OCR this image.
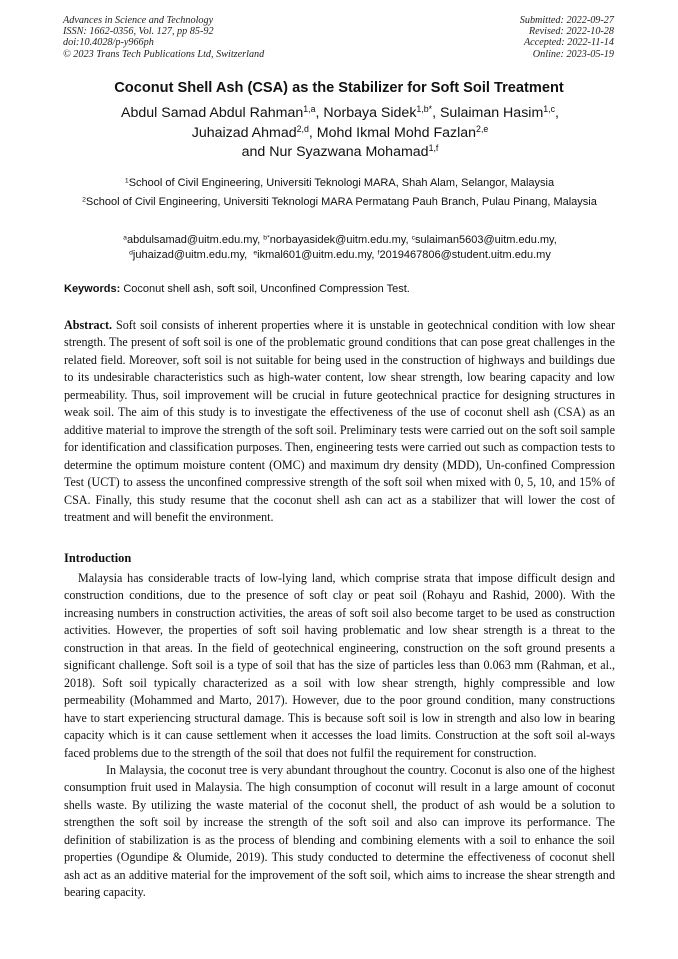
Advances in Science and Technology
ISSN: 1662-0356, Vol. 127, pp 85-92
doi:10.4028/p-y966ph
© 2023 Trans Tech Publications Ltd, Switzerland
Submitted: 2022-09-27
Revised: 2022-10-28
Accepted: 2022-11-14
Online: 2023-05-19
Coconut Shell Ash (CSA) as the Stabilizer for Soft Soil Treatment
Abdul Samad Abdul Rahman$^{1,a}$, Norbaya Sidek$^{1,b*}$, Sulaiman Hasim$^{1,c}$,
Juhaizad Ahmad$^{2,d}$, Mohd Ikmal Mohd Fazlan$^{2,e}$
and Nur Syazwana Mohamad$^{1,f}$
$^1$School of Civil Engineering, Universiti Teknologi MARA, Shah Alam, Selangor, Malaysia
$^2$School of Civil Engineering, Universiti Teknologi MARA Permatang Pauh Branch, Pulau Pinang, Malaysia
$^a$abdulsamad@uitm.edu.my, $^{b*}$norbayasidek@uitm.edu.my, $^c$sulaiman5603@uitm.edu.my,
$^d$juhaizad@uitm.edu.my,  $^e$ikmal601@uitm.edu.my, $^f$2019467806@student.uitm.edu.my
Keywords: Coconut shell ash, soft soil, Unconfined Compression Test.
Abstract. Soft soil consists of inherent properties where it is unstable in geotechnical condition with low shear strength. The present of soft soil is one of the problematic ground conditions that can pose great challenges in the related field. Moreover, soft soil is not suitable for being used in the construction of highways and buildings due to its undesirable characteristics such as high-water content, low shear strength, low bearing capacity and low permeability. Thus, soil improvement will be crucial in future geotechnical practice for designing structures in weak soil. The aim of this study is to investigate the effectiveness of the use of coconut shell ash (CSA) as an additive material to improve the strength of the soft soil. Preliminary tests were carried out on the soft soil sample for identification and classification purposes. Then, engineering tests were carried out such as compaction tests to determine the optimum moisture content (OMC) and maximum dry density (MDD), Un-confined Compression Test (UCT) to assess the unconfined compressive strength of the soft soil when mixed with 0, 5, 10, and 15% of CSA. Finally, this study resume that the coconut shell ash can act as a stabilizer that will lower the cost of treatment and will benefit the environment.
Introduction
Malaysia has considerable tracts of low-lying land, which comprise strata that impose difficult design and construction conditions, due to the presence of soft clay or peat soil (Rohayu and Rashid, 2000). With the increasing numbers in construction activities, the areas of soft soil also become target to be used as construction activities. However, the properties of soft soil having problematic and low shear strength is a threat to the construction in that areas. In the field of geotechnical engineering, construction on the soft ground presents a significant challenge. Soft soil is a type of soil that has the size of particles less than 0.063 mm (Rahman, et al., 2018). Soft soil typically characterized as a soil with low shear strength, highly compressible and low permeability (Mohammed and Marto, 2017). However, due to the poor ground condition, many constructions have to start experiencing structural damage. This is because soft soil is low in strength and also low in bearing capacity which is it can cause settlement when it accesses the load limits. Construction at the soft soil al-ways faced problems due to the strength of the soil that does not fulfil the requirement for construction.
In Malaysia, the coconut tree is very abundant throughout the country. Coconut is also one of the highest consumption fruit used in Malaysia. The high consumption of coconut will result in a large amount of coconut shells waste. By utilizing the waste material of the coconut shell, the product of ash would be a solution to strengthen the soft soil by increase the strength of the soft soil and also can improve its performance. The definition of stabilization is as the process of blending and combining elements with a soil to enhance the soil properties (Ogundipe & Olumide, 2019). This study conducted to determine the effectiveness of coconut shell ash act as an additive material for the improvement of the soft soil, which aims to increase the shear strength and bearing capacity.
